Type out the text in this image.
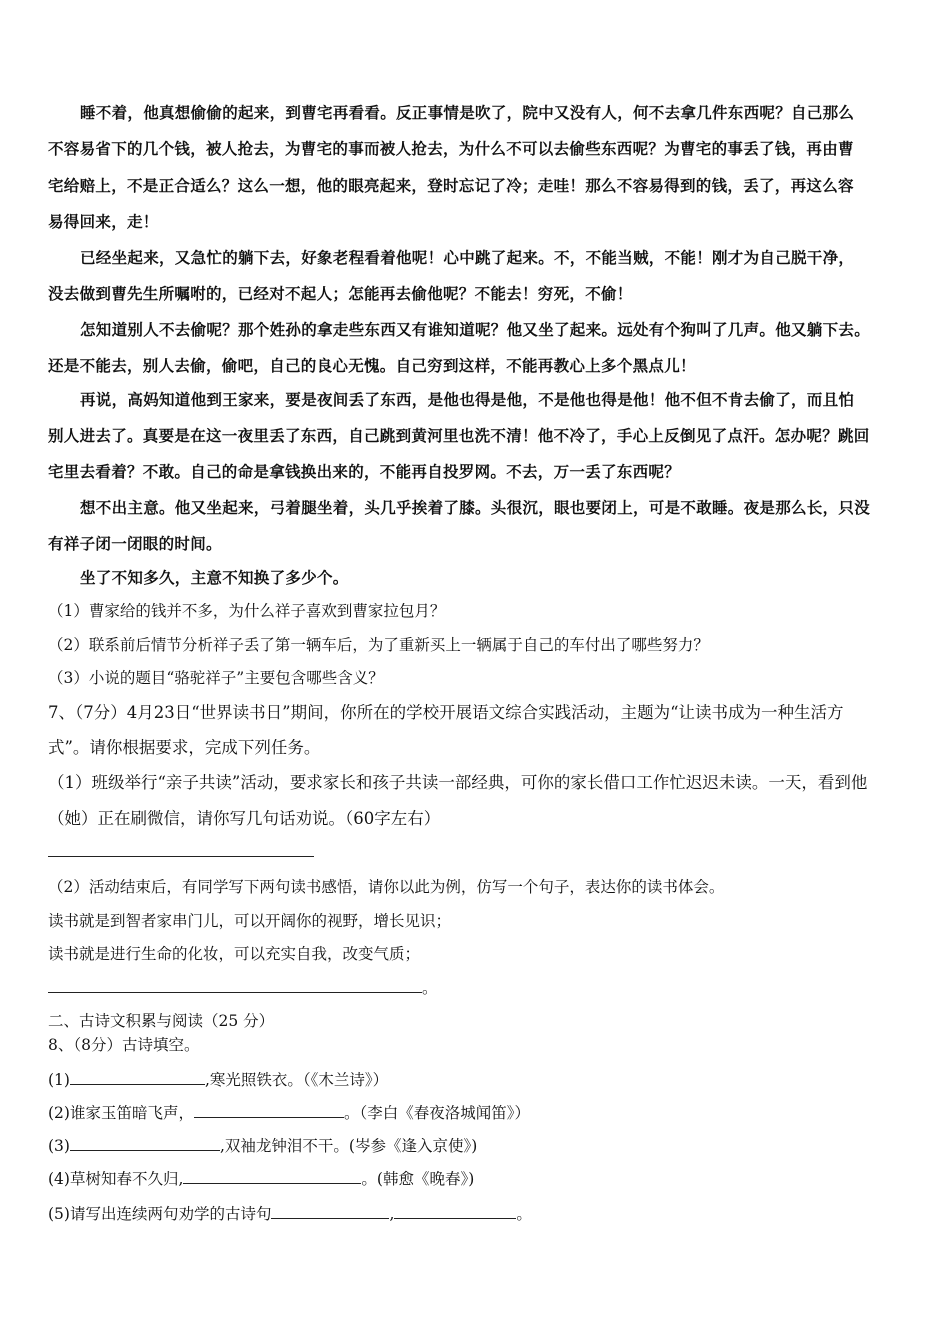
睡不着，他真想偷偷的起来，到曹宅再看看。反正事情是吹了，院中又没有人，何不去拿几件东西呢？自己那么
不容易省下的几个钱，被人抢去，为曹宅的事而被人抢去，为什么不可以去偷些东西呢？为曹宅的事丢了钱，再由曹
宅给赔上，不是正合适么？这么一想，他的眼亮起来，登时忘记了冷；走哇！那么不容易得到的钱，丢了，再这么容
易得回来，走！
已经坐起来，又急忙的躺下去，好象老程看着他呢！心中跳了起来。不，不能当贼，不能！刚才为自己脱干净，
没去做到曹先生所嘱咐的，已经对不起人；怎能再去偷他呢？不能去！穷死，不偷！
怎知道别人不去偷呢？那个姓孙的拿走些东西又有谁知道呢？他又坐了起来。远处有个狗叫了几声。他又躺下去。
还是不能去，别人去偷，偷吧，自己的良心无愧。自己穷到这样，不能再教心上多个黑点儿！
再说，高妈知道他到王家来，要是夜间丢了东西，是他也得是他，不是他也得是他！他不但不肯去偷了，而且怕
别人进去了。真要是在这一夜里丢了东西，自己跳到黄河里也洗不清！他不冷了，手心上反倒见了点汗。怎办呢？跳回
宅里去看着？不敢。自己的命是拿钱换出来的，不能再自投罗网。不去，万一丢了东西呢？
想不出主意。他又坐起来，弓着腿坐着，头几乎挨着了膝。头很沉，眼也要闭上，可是不敢睡。夜是那么长，只没
有祥子闭一闭眼的时间。
坐了不知多久，主意不知换了多少个。
（1）曹家给的钱并不多，为什么祥子喜欢到曹家拉包月？
（2）联系前后情节分析祥子丢了第一辆车后，为了重新买上一辆属于自己的车付出了哪些努力？
（3）小说的题目“骆驼祥子”主要包含哪些含义？
7、（7分）4月23日“世界读书日”期间，你所在的学校开展语文综合实践活动，主题为“让读书成为一种生活方
式”。请你根据要求，完成下列任务。
（1）班级举行“亲子共读”活动，要求家长和孩子共读一部经典，可你的家长借口工作忙迟迟未读。一天，看到他
（她）正在刷微信，请你写几句话劝说。（60字左右）
（2）活动结束后，有同学写下两句读书感悟，请你以此为例，仿写一个句子，表达你的读书体会。
读书就是到智者家串门儿，可以开阔你的视野，增长见识；
读书就是进行生命的化妆，可以充实自我，改变气质；
。
二、古诗文积累与阅读（25 分）
8、（8分）古诗填空。
(1)	,寒光照铁衣。（《木兰诗》）
(2)谁家玉笛暗飞声，	。（李白《春夜洛城闻笛》）
(3)	,双袖龙钟泪不干。(岑参《逢入京使》)
(4)草树知春不久归,	。(韩愈《晚春》)
(5)请写出连续两句劝学的古诗句	,	。
